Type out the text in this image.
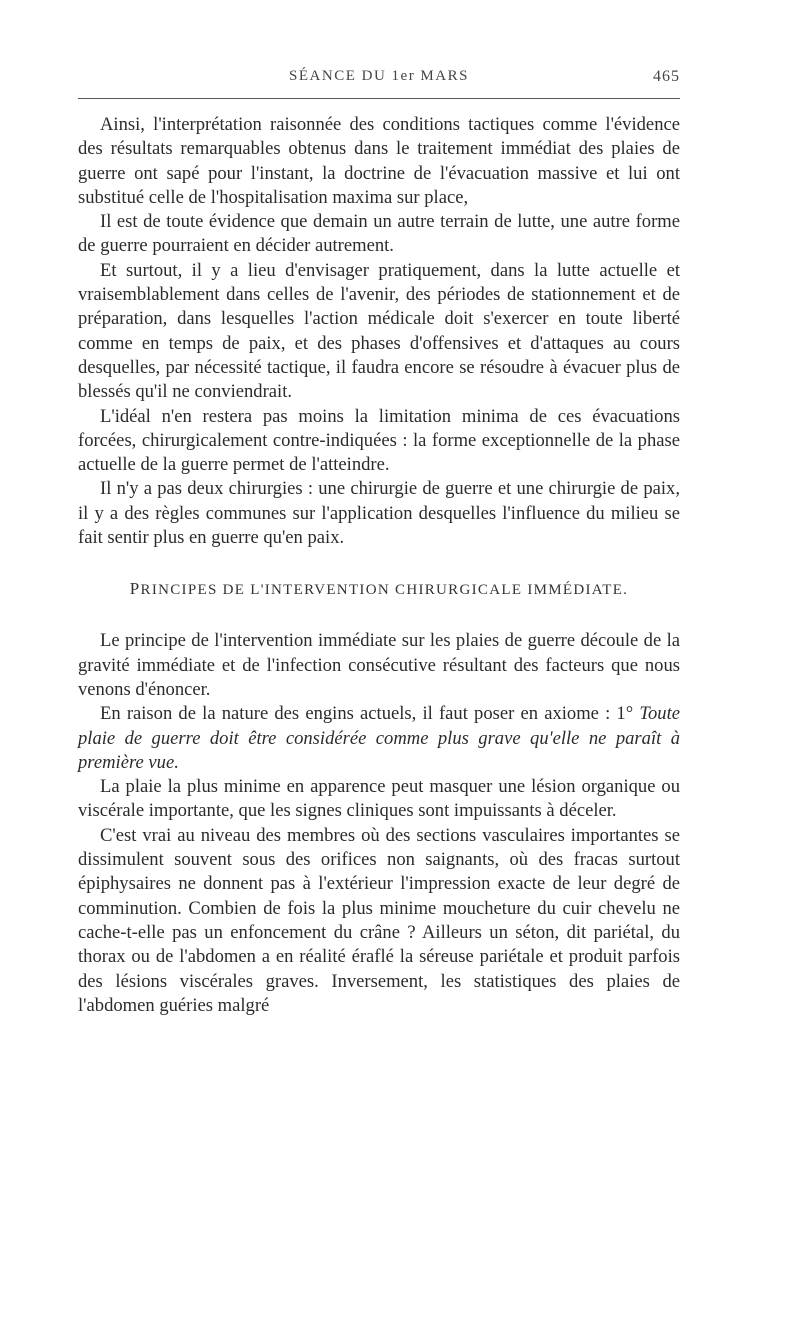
SÉANCE DU 1er MARS	465

Ainsi, l'interprétation raisonnée des conditions tactiques comme l'évidence des résultats remarquables obtenus dans le traitement immédiat des plaies de guerre ont sapé pour l'instant, la doctrine de l'évacuation massive et lui ont substitué celle de l'hospitalisation maxima sur place,

Il est de toute évidence que demain un autre terrain de lutte, une autre forme de guerre pourraient en décider autrement.

Et surtout, il y a lieu d'envisager pratiquement, dans la lutte actuelle et vraisemblablement dans celles de l'avenir, des périodes de stationnement et de préparation, dans lesquelles l'action médicale doit s'exercer en toute liberté comme en temps de paix, et des phases d'offensives et d'attaques au cours desquelles, par nécessité tactique, il faudra encore se résoudre à évacuer plus de blessés qu'il ne conviendrait.

L'idéal n'en restera pas moins la limitation minima de ces évacuations forcées, chirurgicalement contre-indiquées : la forme exceptionnelle de la phase actuelle de la guerre permet de l'atteindre.

Il n'y a pas deux chirurgies : une chirurgie de guerre et une chirurgie de paix, il y a des règles communes sur l'application desquelles l'influence du milieu se fait sentir plus en guerre qu'en paix.

PRINCIPES DE L'INTERVENTION CHIRURGICALE IMMÉDIATE.

Le principe de l'intervention immédiate sur les plaies de guerre découle de la gravité immédiate et de l'infection consécutive résultant des facteurs que nous venons d'énoncer.

En raison de la nature des engins actuels, il faut poser en axiome : 1° Toute plaie de guerre doit être considérée comme plus grave qu'elle ne paraît à première vue.

La plaie la plus minime en apparence peut masquer une lésion organique ou viscérale importante, que les signes cliniques sont impuissants à déceler.

C'est vrai au niveau des membres où des sections vasculaires importantes se dissimulent souvent sous des orifices non saignants, où des fracas surtout épiphysaires ne donnent pas à l'extérieur l'impression exacte de leur degré de comminution. Combien de fois la plus minime moucheture du cuir chevelu ne cache-t-elle pas un enfoncement du crâne ? Ailleurs un séton, dit pariétal, du thorax ou de l'abdomen a en réalité éraflé la séreuse pariétale et produit parfois des lésions viscérales graves. Inversement, les statistiques des plaies de l'abdomen guéries malgré
